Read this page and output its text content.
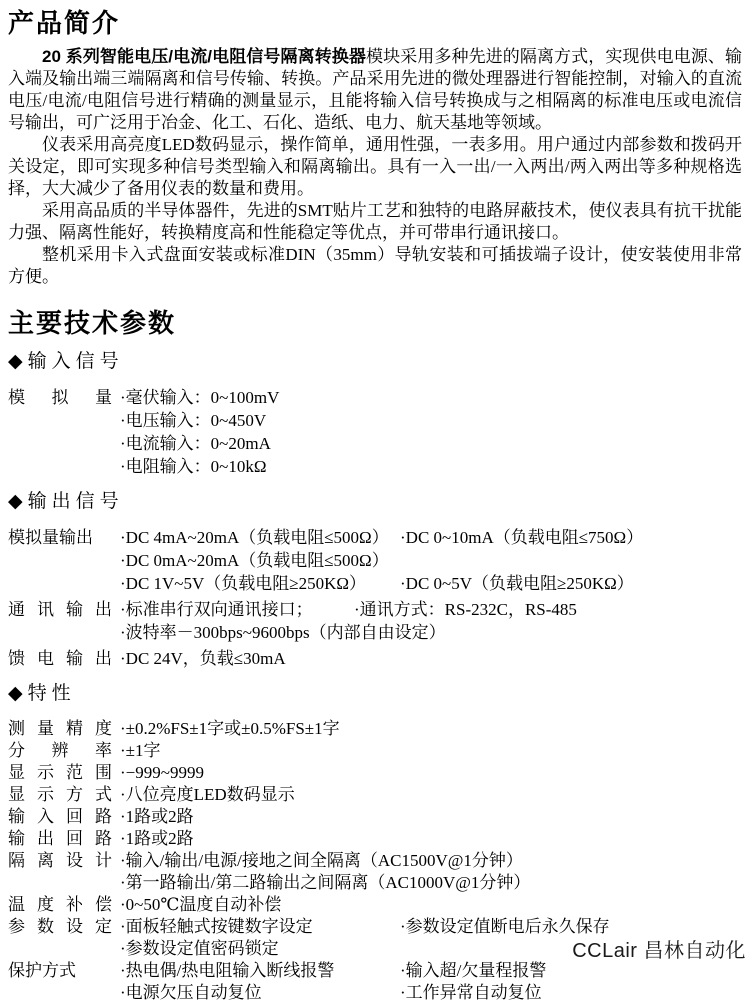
产品简介

20 系列智能电压/电流/电阻信号隔离转换器模块采用多种先进的隔离方式，实现供电电源、输入端及输出端三端隔离和信号传输、转换。产品采用先进的微处理器进行智能控制，对输入的直流电压/电流/电阻信号进行精确的测量显示，且能将输入信号转换成与之相隔离的标准电压或电流信号输出，可广泛用于冶金、化工、石化、造纸、电力、航天基地等领域。

仪表采用高亮度LED数码显示，操作简单，通用性强，一表多用。用户通过内部参数和拨码开关设定，即可实现多种信号类型输入和隔离输出。具有一入一出/一入两出/两入两出等多种规格选择，大大减少了备用仪表的数量和费用。

采用高品质的半导体器件，先进的SMT贴片工艺和独特的电路屏蔽技术，使仪表具有抗干扰能力强、隔离性能好，转换精度高和性能稳定等优点，并可带串行通讯接口。

整机采用卡入式盘面安装或标准DIN（35mm）导轨安装和可插拔端子设计，使安装使用非常方便。

主要技术参数
◆输入信号
模拟量 ·毫伏输入：0~100mV
·电压输入：0~450V
·电流输入：0~20mA
·电阻输入：0~10kΩ
◆输出信号
模拟量输出	·DC 4mA~20mA（负载电阻≤500Ω） ·DC 0~10mA（负载电阻≤750Ω）
·DC 0mA~20mA（负载电阻≤500Ω）
·DC 1V~5V（负载电阻≥250KΩ）	·DC 0~5V（负载电阻≥250KΩ）
通讯输出 ·标准串行双向通讯接口；	·通讯方式：RS-232C，RS-485
·波特率－300bps~9600bps（内部自由设定）
馈电输出 ·DC 24V，负载≤30mA
◆特性
测量精度 ·±0.2%FS±1字或±0.5%FS±1字
分辨率 ·±1字
显示范围 ·−999~9999
显示方式 ·八位亮度LED数码显示
输入回路 ·1路或2路
输出回路 ·1路或2路
隔离设计 ·输入/输出/电源/接地之间全隔离（AC1500V@1分钟）
·第一路输出/第二路输出之间隔离（AC1000V@1分钟）
温度补偿 ·0~50℃温度自动补偿
参数设定 ·面板轻触式按键数字设定	·参数设定值断电后永久保存
·参数设定值密码锁定
保护方式	·热电偶/热电阻输入断线报警	·输入超/欠量程报警
·电源欠压自动复位	·工作异常自动复位
CCLair 昌林自动化
